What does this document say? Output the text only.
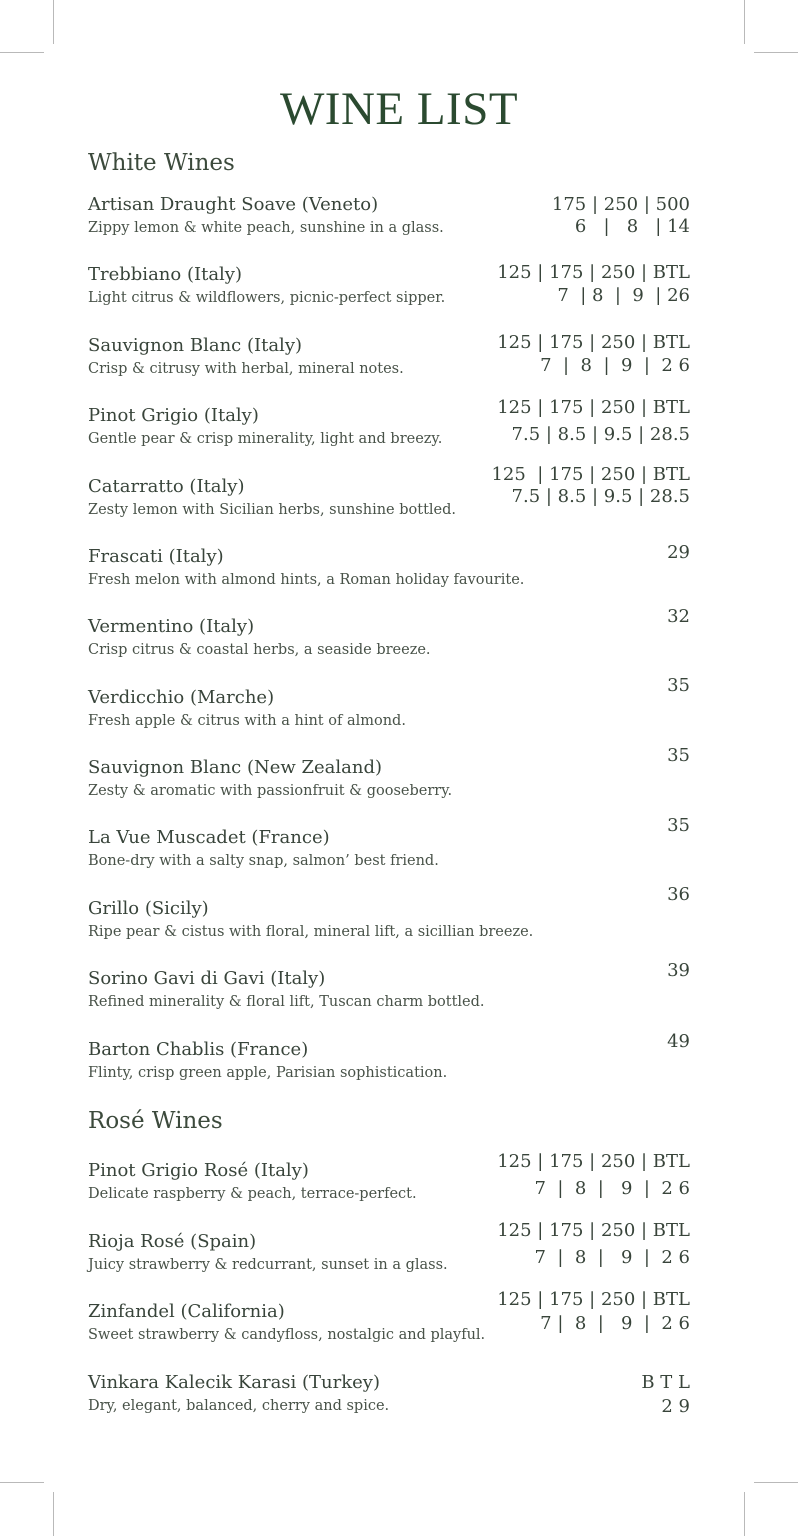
WINE LIST
White Wines
Artisan Draught Soave (Veneto)
Zippy lemon & white peach, sunshine in a glass.
175 | 250 | 500
6   |   8   | 14
Trebbiano (Italy)
Light citrus & wildflowers, picnic-perfect sipper.
125 | 175 | 250 | BTL
7  | 8  |  9  | 26
Sauvignon Blanc (Italy)
Crisp & citrusy with herbal, mineral notes.
125 | 175 | 250 | BTL
7  |  8  |  9  |  2 6
Pinot Grigio (Italy)
Gentle pear & crisp minerality, light and breezy.
125 | 175 | 250 | BTL
7.5 | 8.5 | 9.5 | 28.5
Catarratto (Italy)
Zesty lemon with Sicilian herbs, sunshine bottled.
125  | 175 | 250 | BTL
7.5 | 8.5 | 9.5 | 28.5
Frascati (Italy)
Fresh melon with almond hints, a Roman holiday favourite.
29
Vermentino (Italy)
Crisp citrus & coastal herbs, a seaside breeze.
32
Verdicchio (Marche)
Fresh apple & citrus with a hint of almond.
35
Sauvignon Blanc (New Zealand)
Zesty & aromatic with passionfruit & gooseberry.
35
La Vue Muscadet (France)
Bone-dry with a salty snap, salmon’ best friend.
35
Grillo (Sicily)
Ripe pear & cistus with floral, mineral lift, a sicillian breeze.
36
Sorino Gavi di Gavi (Italy)
Refined minerality & floral lift, Tuscan charm bottled.
39
Barton Chablis (France)
Flinty, crisp green apple, Parisian sophistication.
49
Rosé Wines
Pinot Grigio Rosé (Italy)
Delicate raspberry & peach, terrace-perfect.
125 | 175 | 250 | BTL
7  |  8  |   9  |  2 6
Rioja Rosé (Spain)
Juicy strawberry & redcurrant, sunset in a glass.
125 | 175 | 250 | BTL
7  |  8  |   9  |  2 6
Zinfandel (California)
Sweet strawberry & candyfloss, nostalgic and playful.
125 | 175 | 250 | BTL
7 |  8  |   9  |  2 6
Vinkara Kalecik Karasi (Turkey)
Dry, elegant, balanced, cherry and spice.
B T L
2 9
